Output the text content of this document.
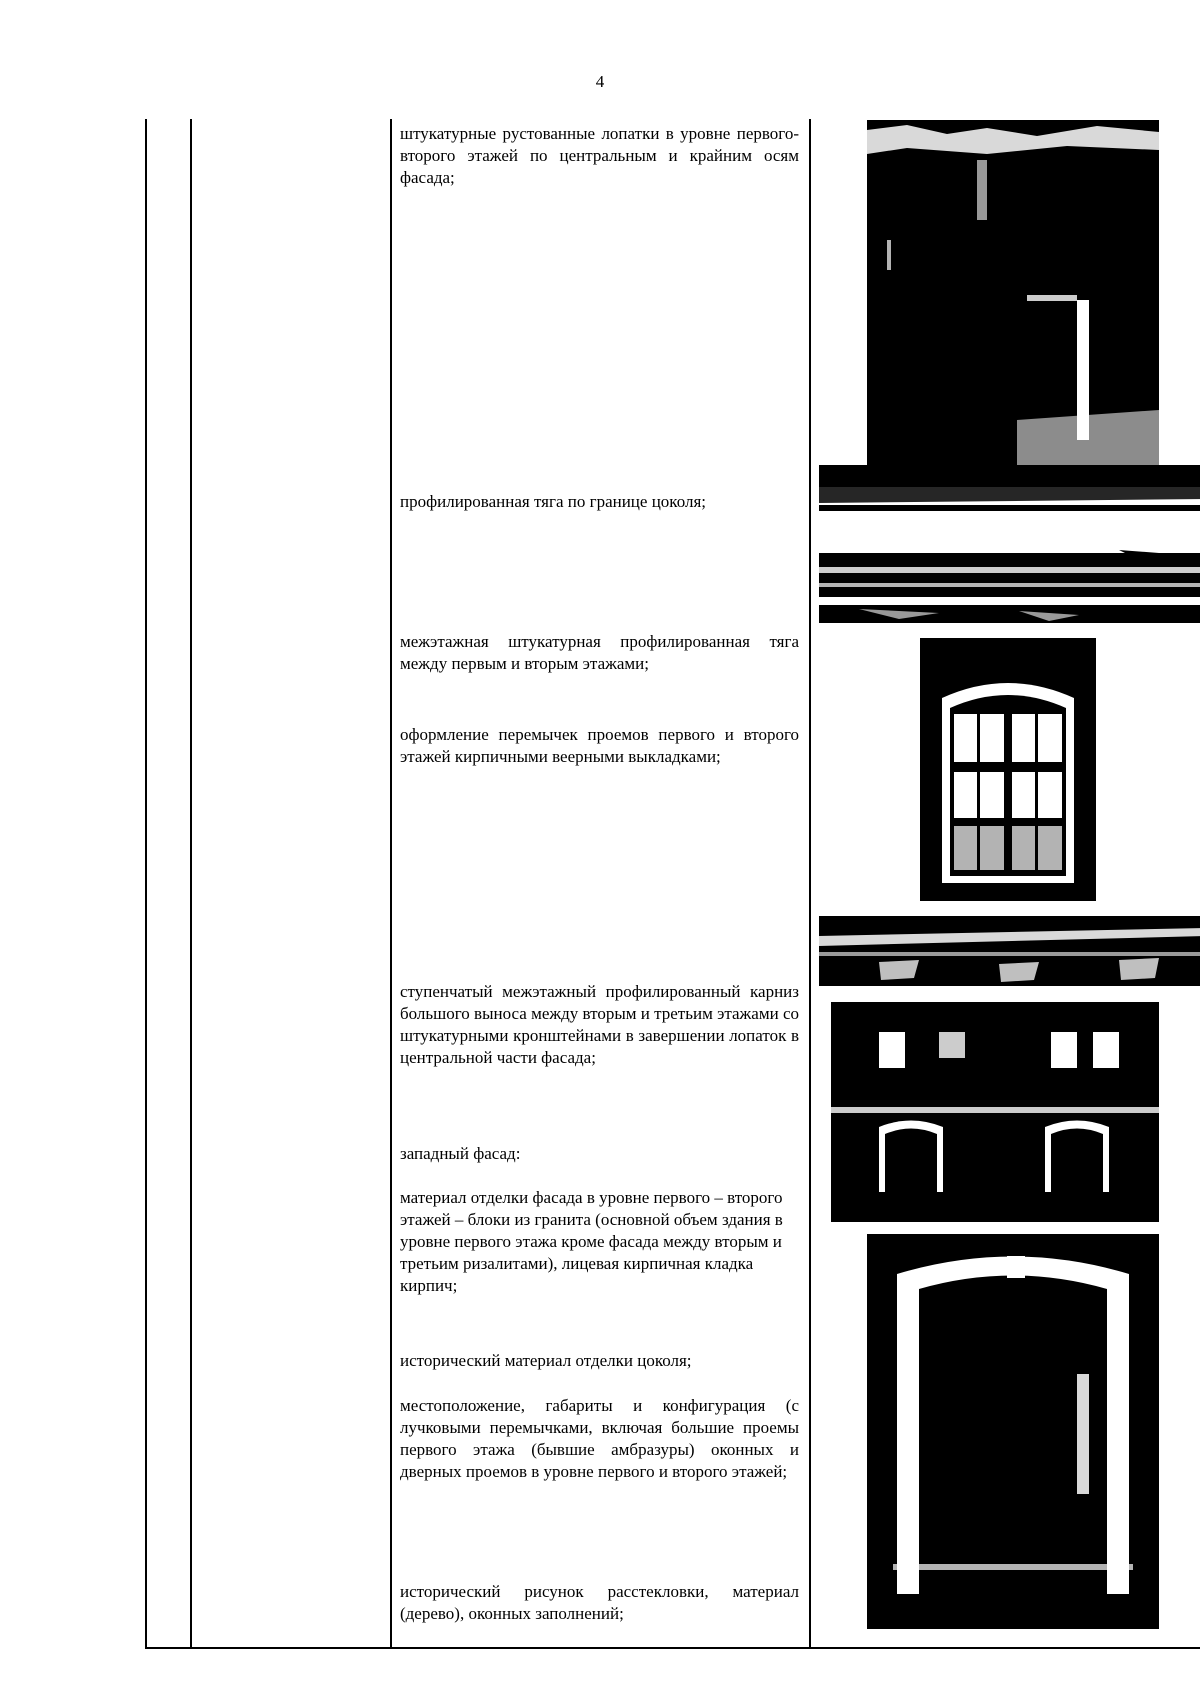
4
штукатурные рустованные лопатки в уровне первого-второго этажей по центральным и крайним осям фасада;
профилированная тяга по границе цоколя;
межэтажная штукатурная профилированная тяга между первым и вторым этажами;
оформление перемычек проемов первого и второго этажей кирпичными веерными выкладками;
ступенчатый межэтажный профилированный карниз большого выноса между вторым и третьим этажами со штукатурными кронштейнами в завершении лопаток в центральной части фасада;
западный фасад:
материал отделки фасада в уровне первого – второго этажей – блоки из гранита (основной объем здания в уровне первого этажа кроме фасада между вторым и третьим ризалитами), лицевая кирпичная кладка кирпич;
исторический материал отделки цоколя;
местоположение, габариты и конфигурация (с лучковыми перемычками, включая большие проемы первого этажа (бывшие амбразуры) оконных и дверных проемов в уровне первого и второго этажей;
исторический рисунок расстекловки, материал (дерево), оконных заполнений;
